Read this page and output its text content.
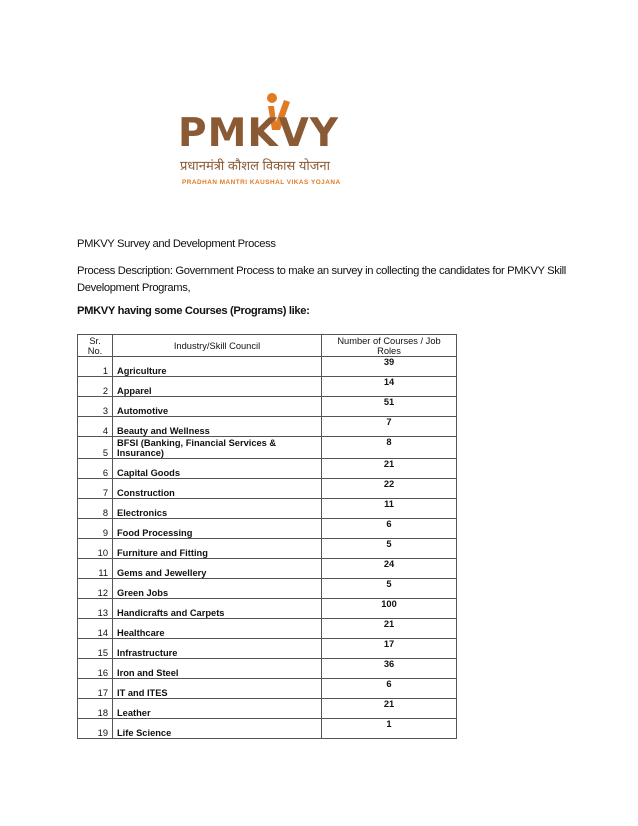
PMKVY
प्रधानमंत्री कौशल विकास योजना
PRADHAN MANTRI KAUSHAL VIKAS YOJANA
PMKVY Survey and Development Process
Process Description: Government Process to make an survey in collecting the candidates for PMKVY Skill Development Programs,
PMKVY having some Courses (Programs) like:
Sr. No.	Industry/Skill Council	Number of Courses / Job Roles
1	Agriculture	39
2	Apparel	14
3	Automotive	51
4	Beauty and Wellness	7
5	BFSI (Banking, Financial Services & Insurance)	8
6	Capital Goods	21
7	Construction	22
8	Electronics	11
9	Food Processing	6
10	Furniture and Fitting	5
11	Gems and Jewellery	24
12	Green Jobs	5
13	Handicrafts and Carpets	100
14	Healthcare	21
15	Infrastructure	17
16	Iron and Steel	36
17	IT and ITES	6
18	Leather	21
19	Life Science	1
